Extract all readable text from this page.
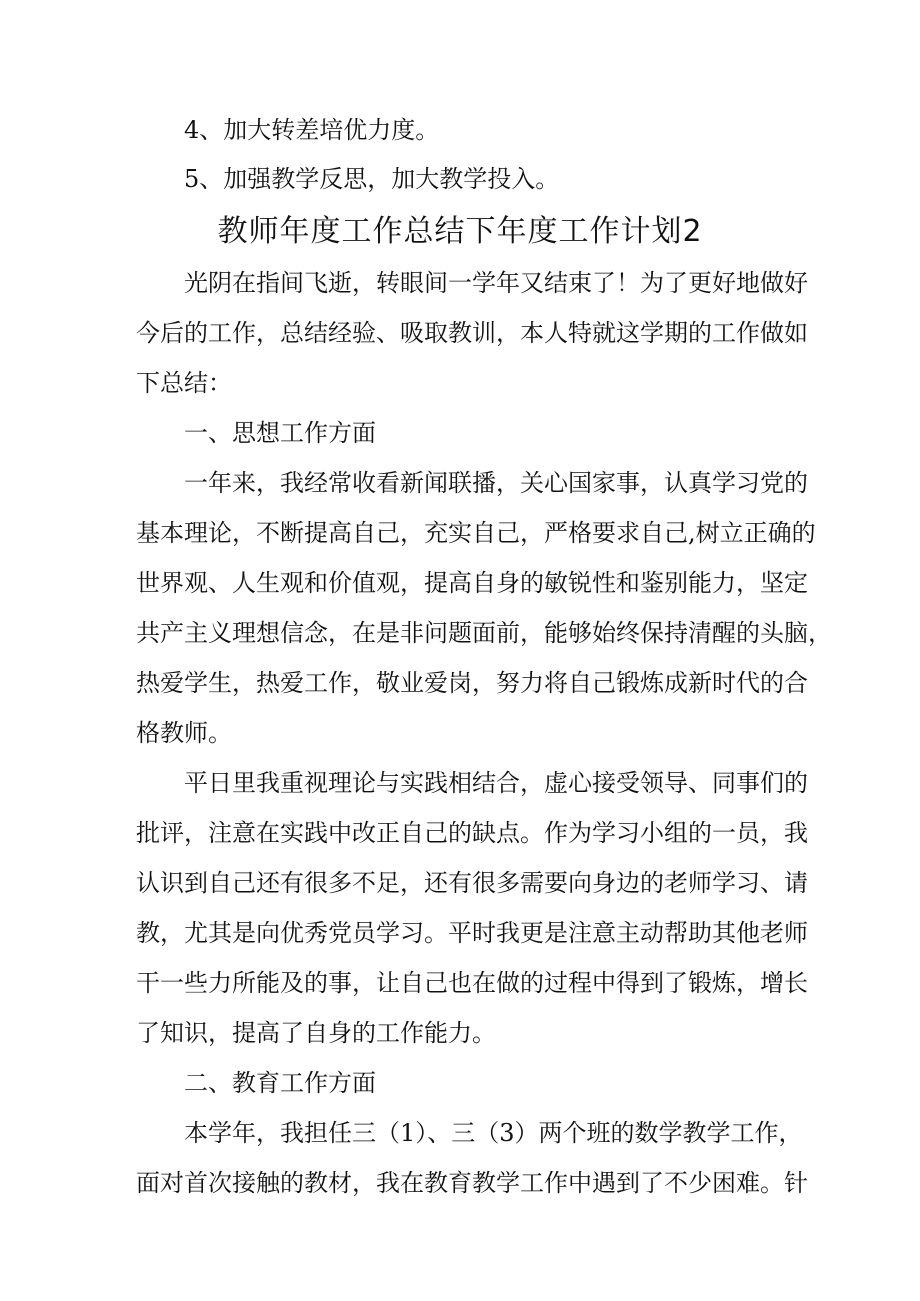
4、加大转差培优力度。
5、加强教学反思，加大教学投入。
教师年度工作总结下年度工作计划2
光阴在指间飞逝，转眼间一学年又结束了！为了更好地做好
今后的工作，总结经验、吸取教训，本人特就这学期的工作做如
下总结：
一、思想工作方面
一年来，我经常收看新闻联播，关心国家事，认真学习党的
基本理论，不断提高自己，充实自己，严格要求自己,树立正确的
世界观、人生观和价值观，提高自身的敏锐性和鉴别能力，坚定
共产主义理想信念，在是非问题面前，能够始终保持清醒的头脑，
热爱学生，热爱工作，敬业爱岗，努力将自己锻炼成新时代的合
格教师。
平日里我重视理论与实践相结合，虚心接受领导、同事们的
批评，注意在实践中改正自己的缺点。作为学习小组的一员，我
认识到自己还有很多不足，还有很多需要向身边的老师学习、请
教，尤其是向优秀党员学习。平时我更是注意主动帮助其他老师
干一些力所能及的事，让自己也在做的过程中得到了锻炼，增长
了知识，提高了自身的工作能力。
二、教育工作方面
本学年，我担任三（1）、三（3）两个班的数学教学工作，
面对首次接触的教材，我在教育教学工作中遇到了不少困难。针
